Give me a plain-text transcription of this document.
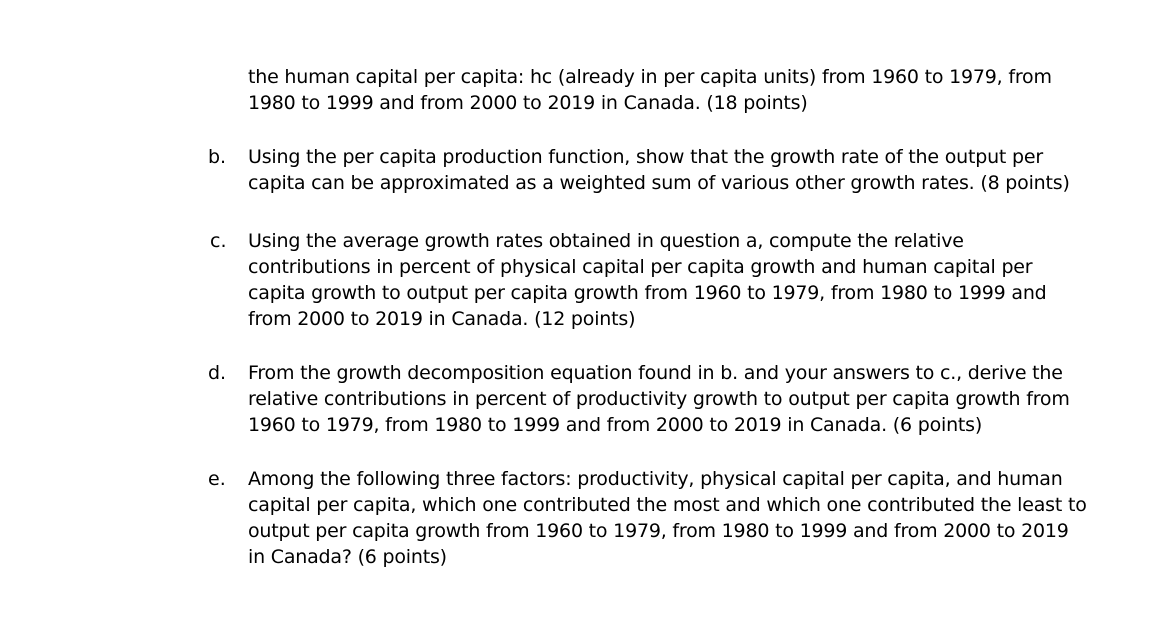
the human capital per capita: hc (already in per capita units) from 1960 to 1979, from
1980 to 1999 and from 2000 to 2019 in Canada. (18 points)
b. Using the per capita production function, show that the growth rate of the output per
capita can be approximated as a weighted sum of various other growth rates. (8 points)
c. Using the average growth rates obtained in question a, compute the relative
contributions in percent of physical capital per capita growth and human capital per
capita growth to output per capita growth from 1960 to 1979, from 1980 to 1999 and
from 2000 to 2019 in Canada. (12 points)
d. From the growth decomposition equation found in b. and your answers to c., derive the
relative contributions in percent of productivity growth to output per capita growth from
1960 to 1979, from 1980 to 1999 and from 2000 to 2019 in Canada. (6 points)
e. Among the following three factors: productivity, physical capital per capita, and human
capital per capita, which one contributed the most and which one contributed the least to
output per capita growth from 1960 to 1979, from 1980 to 1999 and from 2000 to 2019
in Canada? (6 points)
